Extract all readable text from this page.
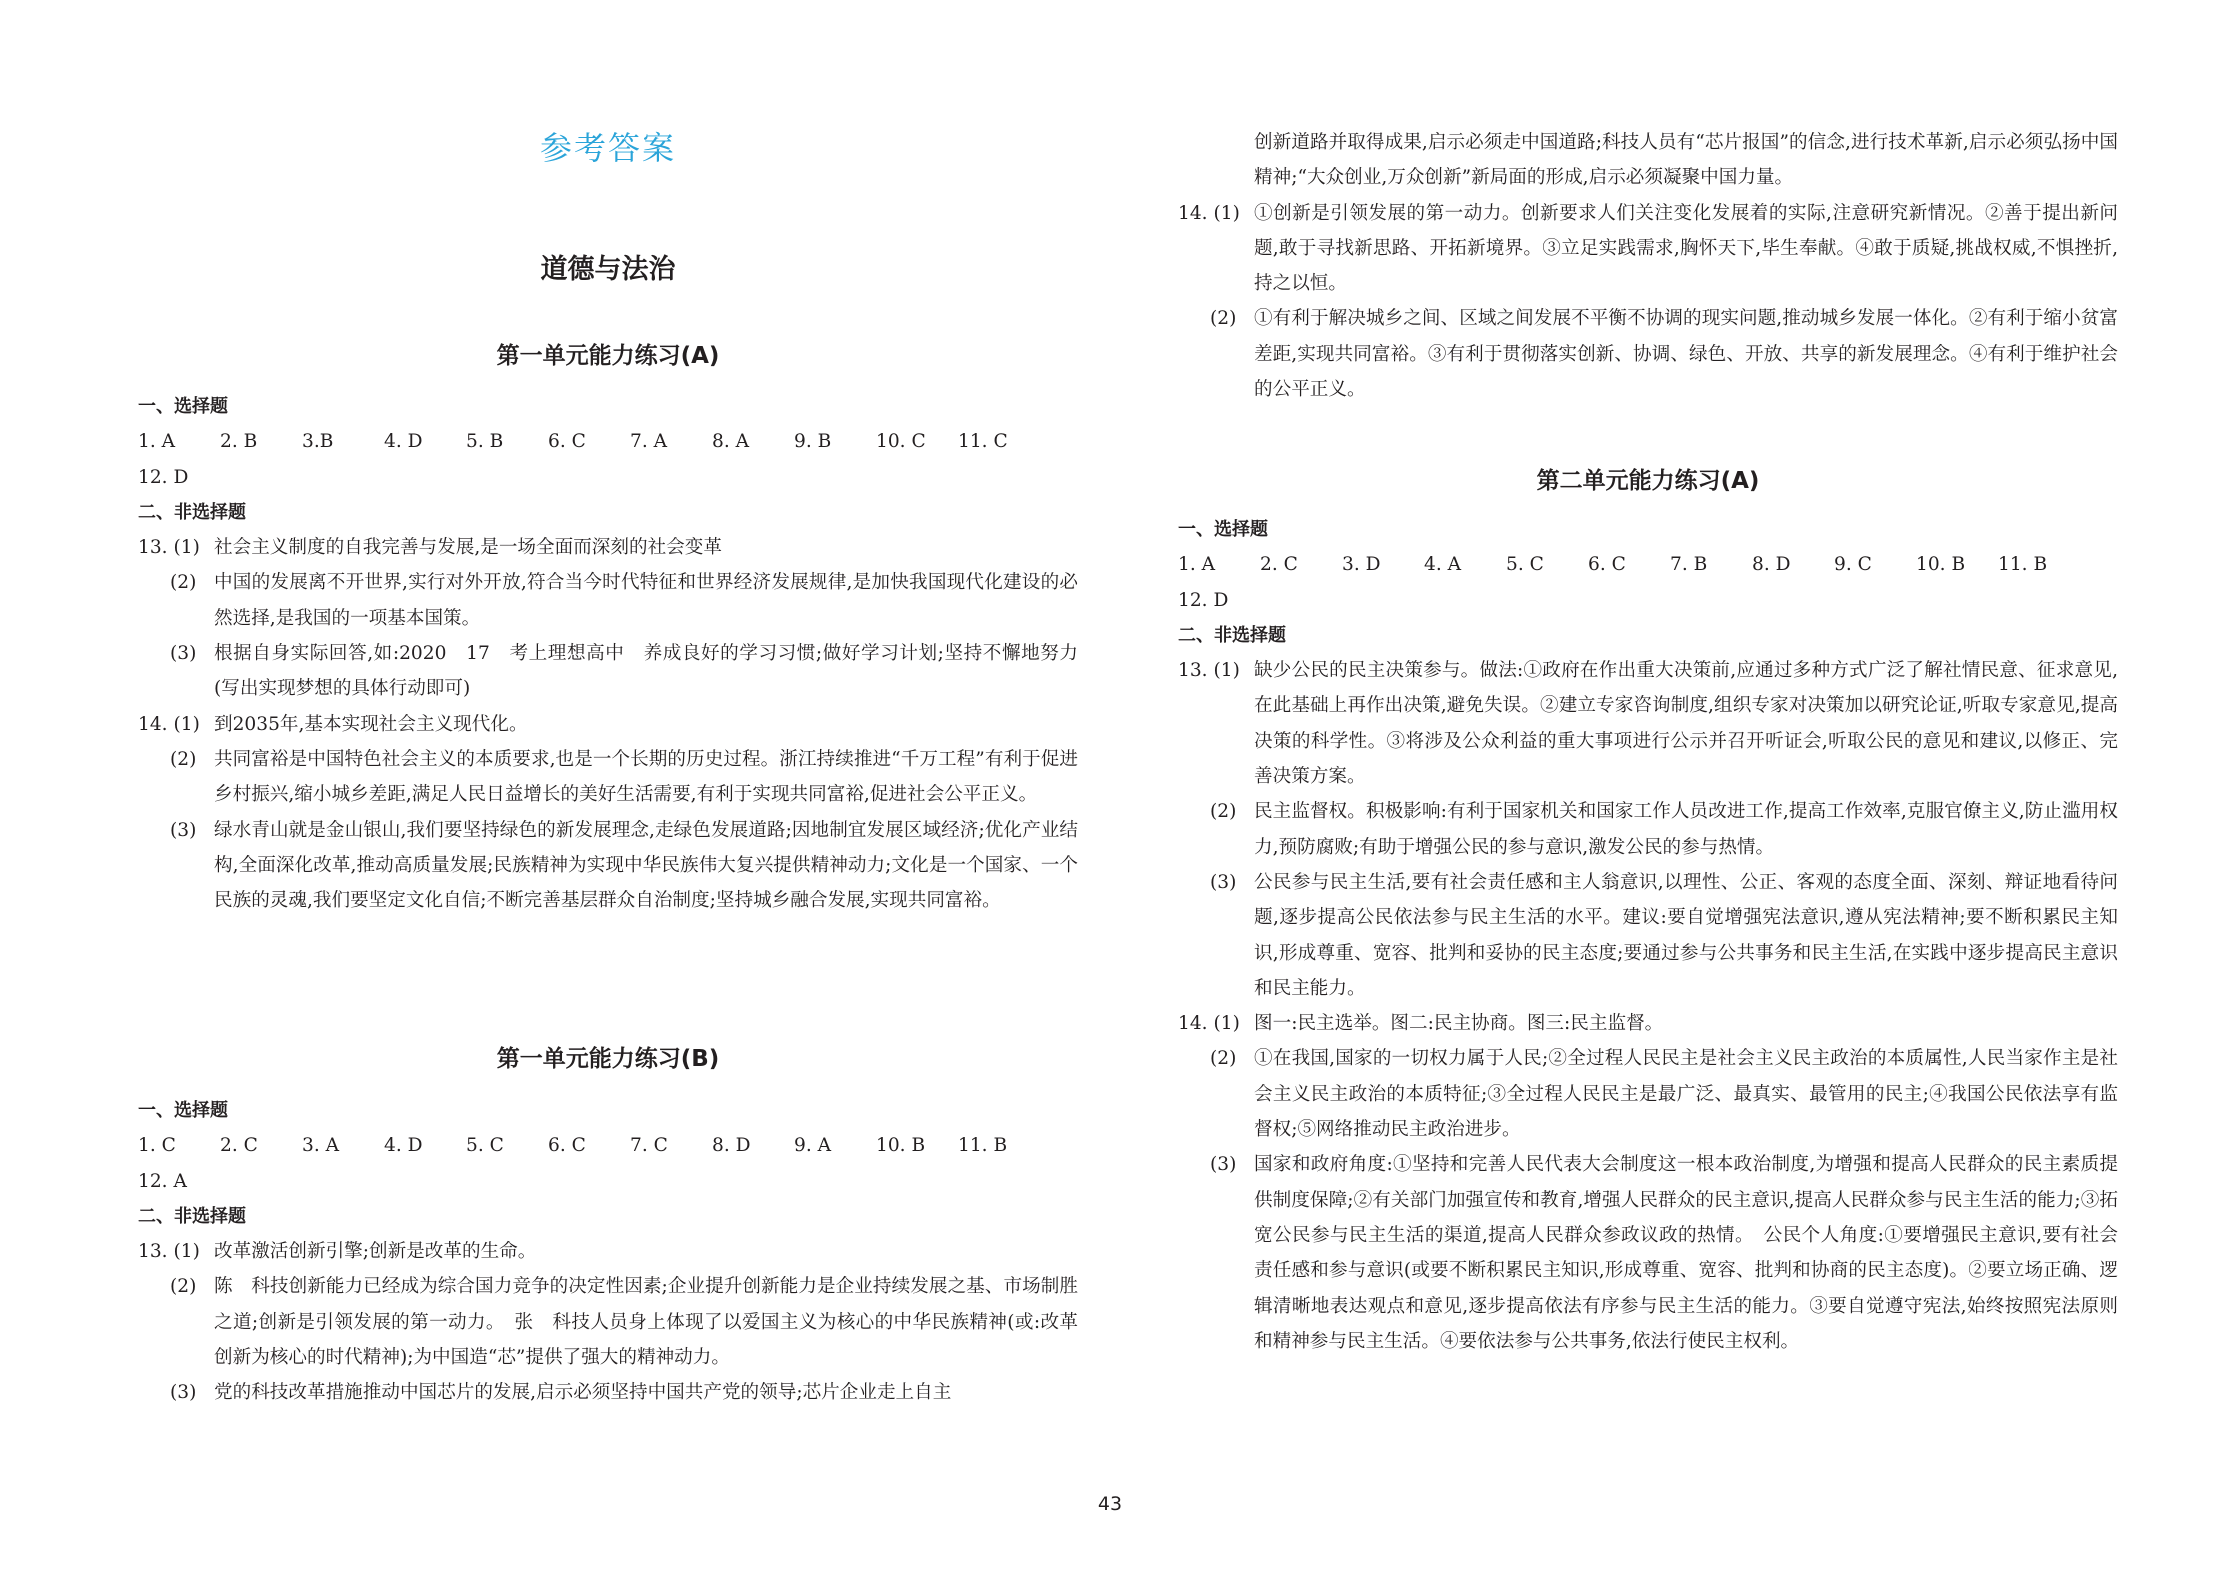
参考答案
道德与法治
第一单元能力练习(A)
一、选择题
1. A	2. B	3.B	4. D	5. B	6. C	7. A	8. A	9. B	10. C	11. C
12. D
二、非选择题
13. (1) 社会主义制度的自我完善与发展,是一场全面而深刻的社会变革
(2) 中国的发展离不开世界,实行对外开放,符合当今时代特征和世界经济发展规律,是加快我国现代化建设的必然选择,是我国的一项基本国策。
(3) 根据自身实际回答,如:2020　17　考上理想高中　养成良好的学习习惯;做好学习计划;坚持不懈地努力(写出实现梦想的具体行动即可)
14. (1) 到2035年,基本实现社会主义现代化。
(2) 共同富裕是中国特色社会主义的本质要求,也是一个长期的历史过程。浙江持续推进“千万工程”有利于促进乡村振兴,缩小城乡差距,满足人民日益增长的美好生活需要,有利于实现共同富裕,促进社会公平正义。
(3) 绿水青山就是金山银山,我们要坚持绿色的新发展理念,走绿色发展道路;因地制宜发展区域经济;优化产业结构,全面深化改革,推动高质量发展;民族精神为实现中华民族伟大复兴提供精神动力;文化是一个国家、一个民族的灵魂,我们要坚定文化自信;不断完善基层群众自治制度;坚持城乡融合发展,实现共同富裕。
第一单元能力练习(B)
一、选择题
1. C	2. C	3. A	4. D	5. C	6. C	7. C	8. D	9. A	10. B	11. B
12. A
二、非选择题
13. (1) 改革激活创新引擎;创新是改革的生命。
(2) 陈　科技创新能力已经成为综合国力竞争的决定性因素;企业提升创新能力是企业持续发展之基、市场制胜之道;创新是引领发展的第一动力。　张　科技人员身上体现了以爱国主义为核心的中华民族精神(或:改革创新为核心的时代精神);为中国造“芯”提供了强大的精神动力。
(3) 党的科技改革措施推动中国芯片的发展,启示必须坚持中国共产党的领导;芯片企业走上自主
创新道路并取得成果,启示必须走中国道路;科技人员有“芯片报国”的信念,进行技术革新,启示必须弘扬中国精神;“大众创业,万众创新”新局面的形成,启示必须凝聚中国力量。
14. (1) ①创新是引领发展的第一动力。创新要求人们关注变化发展着的实际,注意研究新情况。②善于提出新问题,敢于寻找新思路、开拓新境界。③立足实践需求,胸怀天下,毕生奉献。④敢于质疑,挑战权威,不惧挫折,持之以恒。
(2) ①有利于解决城乡之间、区域之间发展不平衡不协调的现实问题,推动城乡发展一体化。②有利于缩小贫富差距,实现共同富裕。③有利于贯彻落实创新、协调、绿色、开放、共享的新发展理念。④有利于维护社会的公平正义。
第二单元能力练习(A)
一、选择题
1. A	2. C	3. D	4. A	5. C	6. C	7. B	8. D	9. C	10. B	11. B
12. D
二、非选择题
13. (1) 缺少公民的民主决策参与。做法:①政府在作出重大决策前,应通过多种方式广泛了解社情民意、征求意见,在此基础上再作出决策,避免失误。②建立专家咨询制度,组织专家对决策加以研究论证,听取专家意见,提高决策的科学性。③将涉及公众利益的重大事项进行公示并召开听证会,听取公民的意见和建议,以修正、完善决策方案。
(2) 民主监督权。积极影响:有利于国家机关和国家工作人员改进工作,提高工作效率,克服官僚主义,防止滥用权力,预防腐败;有助于增强公民的参与意识,激发公民的参与热情。
(3) 公民参与民主生活,要有社会责任感和主人翁意识,以理性、公正、客观的态度全面、深刻、辩证地看待问题,逐步提高公民依法参与民主生活的水平。建议:要自觉增强宪法意识,遵从宪法精神;要不断积累民主知识,形成尊重、宽容、批判和妥协的民主态度;要通过参与公共事务和民主生活,在实践中逐步提高民主意识和民主能力。
14. (1) 图一:民主选举。图二:民主协商。图三:民主监督。
(2) ①在我国,国家的一切权力属于人民;②全过程人民民主是社会主义民主政治的本质属性,人民当家作主是社会主义民主政治的本质特征;③全过程人民民主是最广泛、最真实、最管用的民主;④我国公民依法享有监督权;⑤网络推动民主政治进步。
(3) 国家和政府角度:①坚持和完善人民代表大会制度这一根本政治制度,为增强和提高人民群众的民主素质提供制度保障;②有关部门加强宣传和教育,增强人民群众的民主意识,提高人民群众参与民主生活的能力;③拓宽公民参与民主生活的渠道,提高人民群众参政议政的热情。　公民个人角度:①要增强民主意识,要有社会责任感和参与意识(或要不断积累民主知识,形成尊重、宽容、批判和协商的民主态度)。②要立场正确、逻辑清晰地表达观点和意见,逐步提高依法有序参与民主生活的能力。③要自觉遵守宪法,始终按照宪法原则和精神参与民主生活。④要依法参与公共事务,依法行使民主权利。
43
